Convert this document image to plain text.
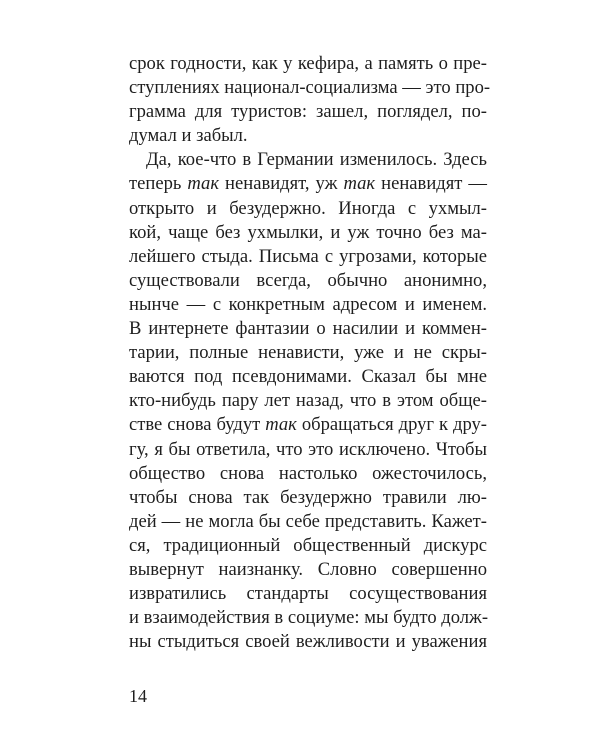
срок годности, как у кефира, а память о пре-
ступлениях национал-социализма — это про-
грамма для туристов: зашел, поглядел, по-
думал и забыл.
Да, кое-что в Германии изменилось. Здесь
теперь так ненавидят, уж так ненавидят —
открыто и безудержно. Иногда с ухмыл-
кой, чаще без ухмылки, и уж точно без ма-
лейшего стыда. Письма с угрозами, которые
существовали всегда, обычно анонимно,
нынче — с конкретным адресом и именем.
В интернете фантазии о насилии и коммен-
тарии, полные ненависти, уже и не скры-
ваются под псевдонимами. Сказал бы мне
кто-нибудь пару лет назад, что в этом обще-
стве снова будут так обращаться друг к дру-
гу, я бы ответила, что это исключено. Чтобы
общество снова настолько ожесточилось,
чтобы снова так безудержно травили лю-
дей — не могла бы себе представить. Кажет-
ся, традиционный общественный дискурс
вывернут наизнанку. Словно совершенно
извратились стандарты сосуществования
и взаимодействия в социуме: мы будто долж-
ны стыдиться своей вежливости и уважения
14
